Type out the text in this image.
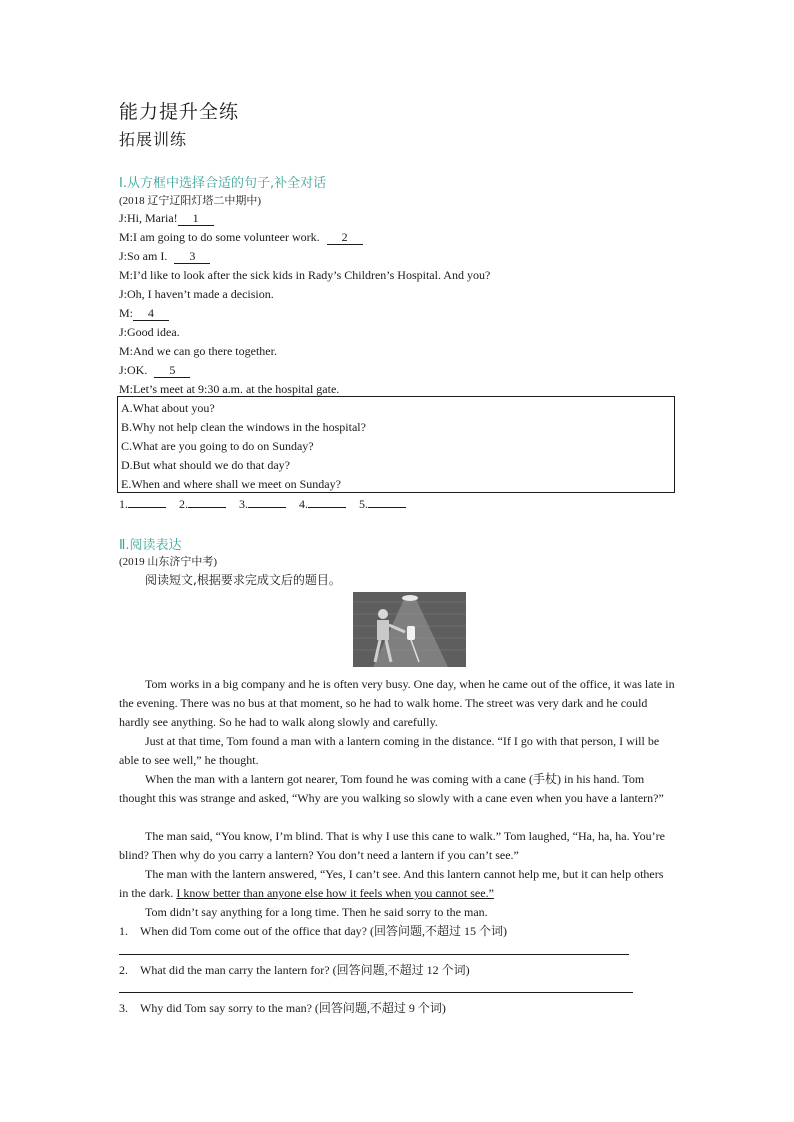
能力提升全练
拓展训练
Ⅰ.从方框中选择合适的句子,补全对话
(2018 辽宁辽阳灯塔二中期中)
J:Hi, Maria! 1
M:I am going to do some volunteer work. 2
J:So am I. 3
M:I’d like to look after the sick kids in Rady’s Children’s Hospital. And you?
J:Oh, I haven’t made a decision.
M: 4
J:Good idea.
M:And we can go there together.
J:OK. 5
M:Let’s meet at 9:30 a.m. at the hospital gate.
A.What about you?
B.Why not help clean the windows in the hospital?
C.What are you going to do on Sunday?
D.But what should we do that day?
E.When and where shall we meet on Sunday?
1.	2.	3.	4.	5.
Ⅱ.阅读表达
(2019 山东济宁中考)
阅读短文,根据要求完成文后的题目。

Tom works in a big company and he is often very busy. One day, when he came out of the office, it was late in the evening. There was no bus at that moment, so he had to walk home. The street was very dark and he could hardly see anything. So he had to walk along slowly and carefully.

Just at that time, Tom found a man with a lantern coming in the distance. “If I go with that person, I will be able to see well,” he thought.

When the man with a lantern got nearer, Tom found he was coming with a cane (手杖) in his hand. Tom thought this was strange and asked, “Why are you walking so slowly with a cane even when you have a lantern?”

The man said, “You know, I’m blind. That is why I use this cane to walk.” Tom laughed, “Ha, ha, ha. You’re blind? Then why do you carry a lantern? You don’t need a lantern if you can’t see.”

The man with the lantern answered, “Yes, I can’t see. And this lantern cannot help me, but it can help others in the dark. I know better than anyone else how it feels when you cannot see.”

Tom didn’t say anything for a long time. Then he said sorry to the man.

1.    When did Tom come out of the office that day? (回答问题,不超过 15 个词)
2.    What did the man carry the lantern for? (回答问题,不超过 12 个词)
3.    Why did Tom say sorry to the man? (回答问题,不超过 9 个词)
